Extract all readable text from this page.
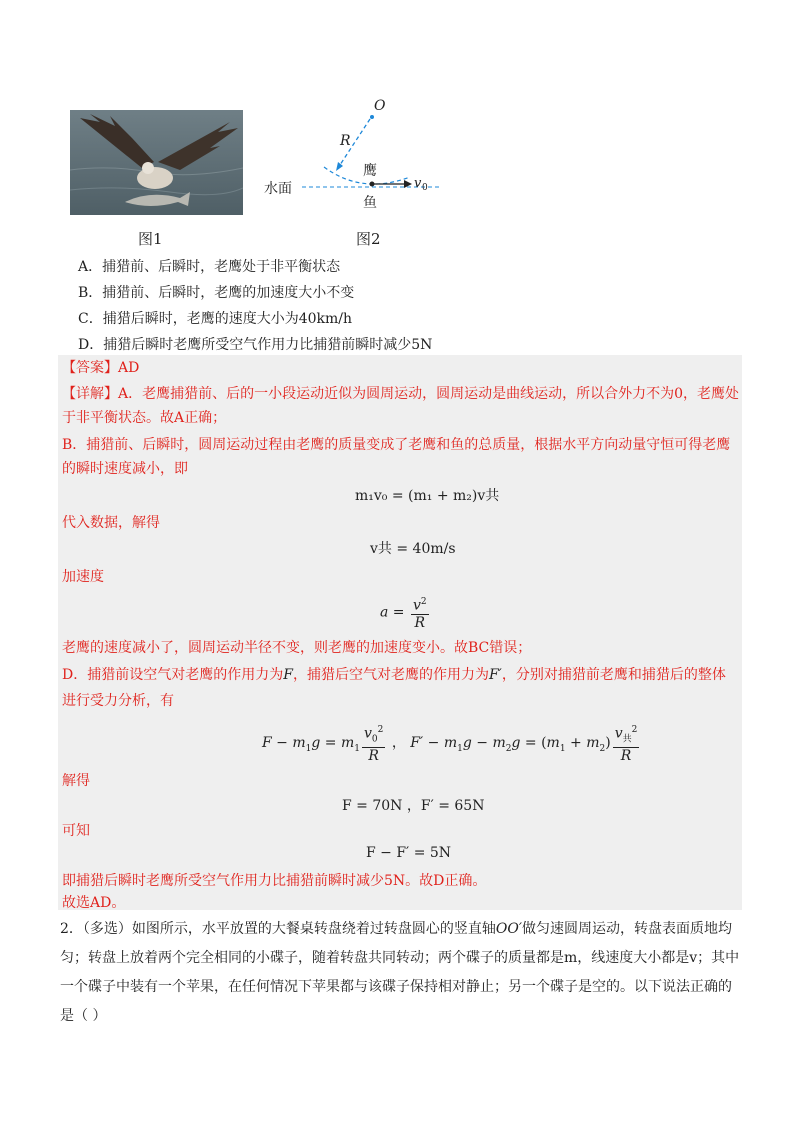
图1
O
R
鹰
v 0
水面
鱼
图2
A．捕猎前、后瞬时，老鹰处于非平衡状态
B．捕猎前、后瞬时，老鹰的加速度大小不变
C．捕猎后瞬时，老鹰的速度大小为40km/h
D．捕猎后瞬时老鹰所受空气作用力比捕猎前瞬时减少5N
【答案】AD
【详解】A．老鹰捕猎前、后的一小段运动近似为圆周运动，圆周运动是曲线运动，所以合外力不为0，老鹰处
于非平衡状态。故A正确；
B．捕猎前、后瞬时，圆周运动过程由老鹰的质量变成了老鹰和鱼的总质量，根据水平方向动量守恒可得老鹰
的瞬时速度减小，即
m₁v₀ = (m₁ + m₂)v共
代入数据，解得
v共 = 40m/s
加速度
$a = \frac{v^2}{R}$
老鹰的速度减小了，圆周运动半径不变，则老鹰的加速度变小。故BC错误；
D．捕猎前设空气对老鹰的作用力为F，捕猎后空气对老鹰的作用力为F′，分别对捕猎前老鹰和捕猎后的整体
进行受力分析，有
$F - m_1g = m_1 \frac{v_0^2}{R}$ ， $F' - m_1g - m_2g = (m_1 + m_2) \frac{v_共^2}{R}$
解得
F = 70N ，F′ = 65N
可知
F − F′ = 5N
即捕猎后瞬时老鹰所受空气作用力比捕猎前瞬时减少5N。故D正确。
故选AD。
2．（多选）如图所示，水平放置的大餐桌转盘绕着过转盘圆心的竖直轴OO′做匀速圆周运动，转盘表面质地均
匀；转盘上放着两个完全相同的小碟子，随着转盘共同转动；两个碟子的质量都是m，线速度大小都是v；其中
一个碟子中装有一个苹果，在任何情况下苹果都与该碟子保持相对静止；另一个碟子是空的。以下说法正确的
是（ ）
